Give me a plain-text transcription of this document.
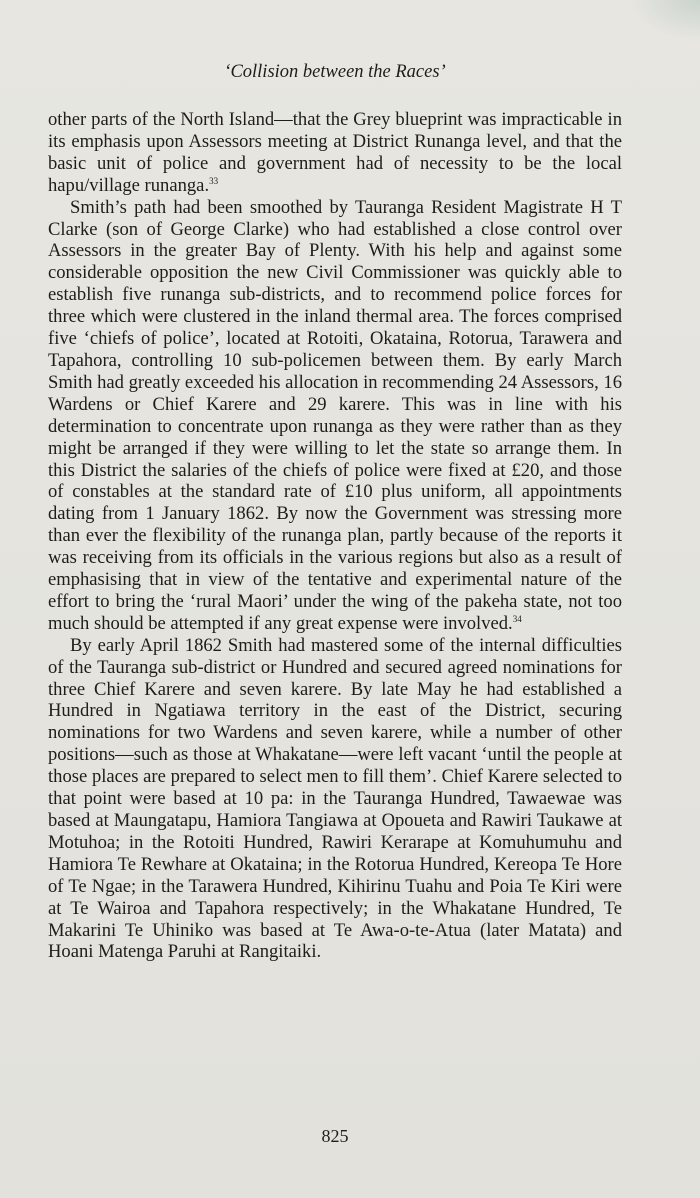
‘Collision between the Races’

other parts of the North Island—that the Grey blueprint was impracticable in its emphasis upon Assessors meeting at District Runanga level, and that the basic unit of police and government had of necessity to be the local hapu/village runanga.$^{33}$

Smith’s path had been smoothed by Tauranga Resident Magistrate H T Clarke (son of George Clarke) who had established a close control over Assessors in the greater Bay of Plenty. With his help and against some considerable opposition the new Civil Commissioner was quickly able to establish five runanga sub-districts, and to recommend police forces for three which were clustered in the inland thermal area. The forces comprised five ‘chiefs of police’, located at Rotoiti, Okataina, Rotorua, Tarawera and Tapahora, controlling 10 sub-policemen between them. By early March Smith had greatly exceeded his allocation in recommending 24 Assessors, 16 Wardens or Chief Karere and 29 karere. This was in line with his determination to concentrate upon runanga as they were rather than as they might be arranged if they were willing to let the state so arrange them. In this District the salaries of the chiefs of police were fixed at £20, and those of constables at the standard rate of £10 plus uniform, all appointments dating from 1 January 1862. By now the Government was stressing more than ever the flexibility of the runanga plan, partly because of the reports it was receiving from its officials in the various regions but also as a result of emphasising that in view of the tentative and experimental nature of the effort to bring the ‘rural Maori’ under the wing of the pakeha state, not too much should be attempted if any great expense were involved.$^{34}$

By early April 1862 Smith had mastered some of the internal difficulties of the Tauranga sub-district or Hundred and secured agreed nominations for three Chief Karere and seven karere. By late May he had established a Hundred in Ngatiawa territory in the east of the District, securing nominations for two Wardens and seven karere, while a number of other positions—such as those at Whakatane—were left vacant ‘until the people at those places are prepared to select men to fill them’. Chief Karere selected to that point were based at 10 pa: in the Tauranga Hundred, Tawaewae was based at Maungatapu, Hamiora Tangiawa at Opoueta and Rawiri Taukawe at Motuhoa; in the Rotoiti Hundred, Rawiri Kerarape at Komuhumuhu and Hamiora Te Rewhare at Okataina; in the Rotorua Hundred, Kereopa Te Hore of Te Ngae; in the Tarawera Hundred, Kihirinu Tuahu and Poia Te Kiri were at Te Wairoa and Tapahora respectively; in the Whakatane Hundred, Te Makarini Te Uhiniko was based at Te Awa-o-te-Atua (later Matata) and Hoani Matenga Paruhi at Rangitaiki.

825
